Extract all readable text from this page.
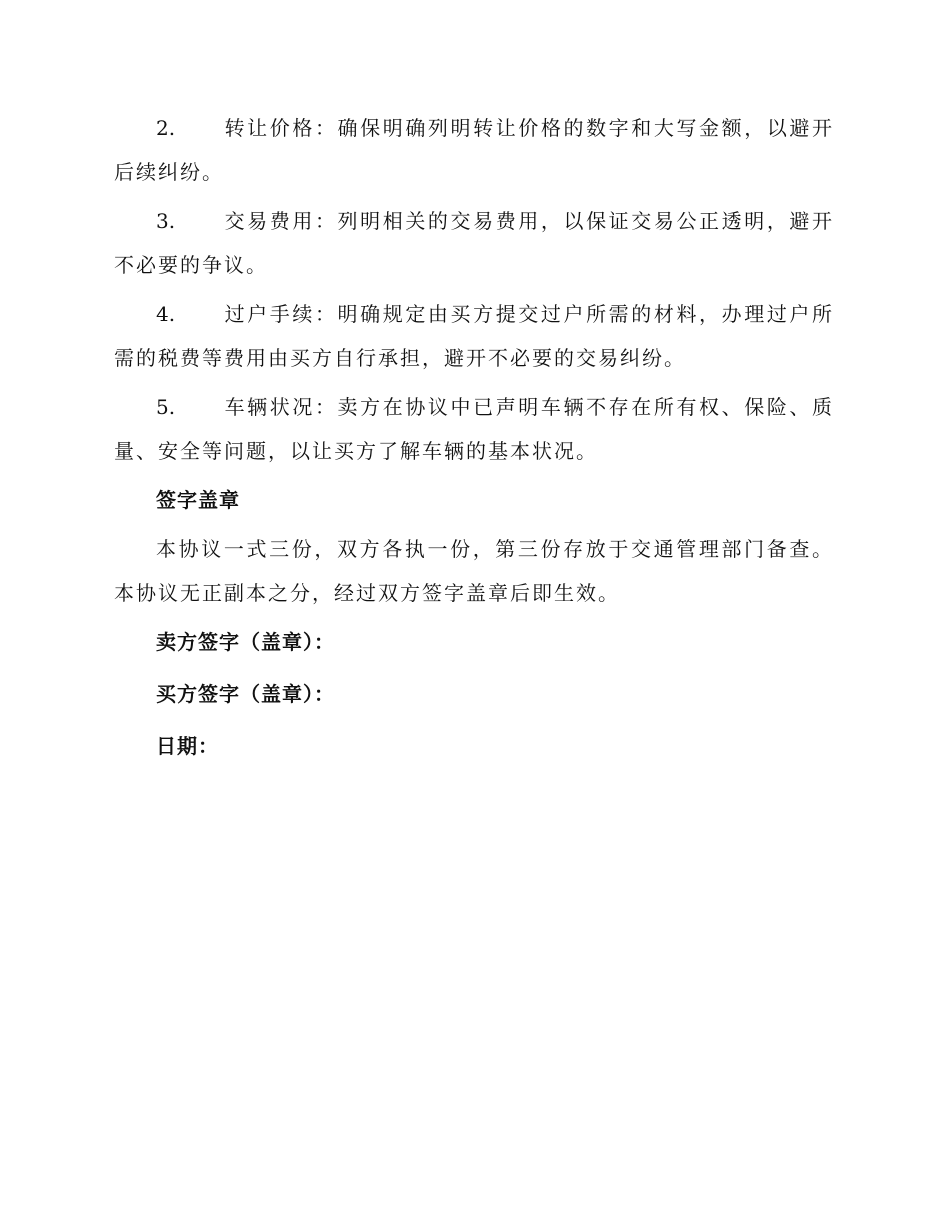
2. 转让价格：确保明确列明转让价格的数字和大写金额，以避开后续纠纷。
3. 交易费用：列明相关的交易费用，以保证交易公正透明，避开不必要的争议。
4. 过户手续：明确规定由买方提交过户所需的材料，办理过户所需的税费等费用由买方自行承担，避开不必要的交易纠纷。
5. 车辆状况：卖方在协议中已声明车辆不存在所有权、保险、质量、安全等问题，以让买方了解车辆的基本状况。
签字盖章
本协议一式三份，双方各执一份，第三份存放于交通管理部门备查。本协议无正副本之分，经过双方签字盖章后即生效。
卖方签字（盖章）：
买方签字（盖章）：
日期：
